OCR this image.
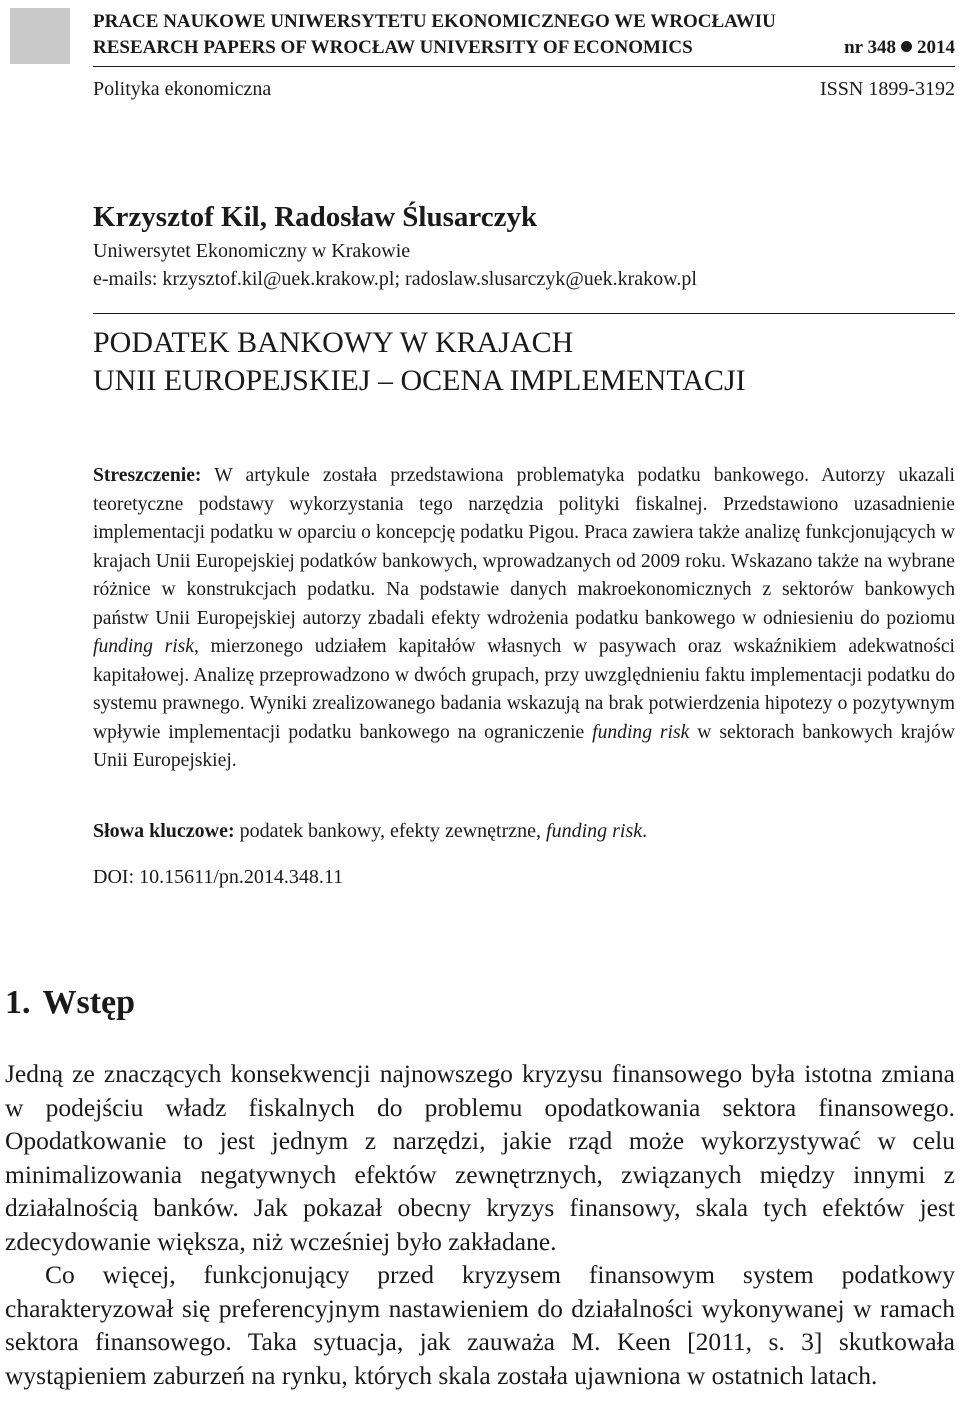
PRACE NAUKOWE UNIWERSYTETU EKONOMICZNEGO WE WROCŁAWIU
RESEARCH PAPERS OF WROCŁAW UNIVERSITY OF ECONOMICS	nr 348 2014
Polityka ekonomiczna	ISSN 1899-3192
Krzysztof Kil, Radosław Ślusarczyk
Uniwersytet Ekonomiczny w Krakowie
e-mails: krzysztof.kil@uek.krakow.pl; radoslaw.slusarczyk@uek.krakow.pl
PODATEK BANKOWY W KRAJACH
UNII EUROPEJSKIEJ – OCENA IMPLEMENTACJI

Streszczenie: W artykule została przedstawiona problematyka podatku bankowego. Autorzy ukazali teoretyczne podstawy wykorzystania tego narzędzia polityki fiskalnej. Przedstawiono uzasadnienie implementacji podatku w oparciu o koncepcję podatku Pigou. Praca zawiera także analizę funkcjonujących w krajach Unii Europejskiej podatków bankowych, wprowadzanych od 2009 roku. Wskazano także na wybrane różnice w konstrukcjach podatku. Na podstawie danych makroekonomicznych z sektorów bankowych państw Unii Europejskiej autorzy zbadali efekty wdrożenia podatku bankowego w odniesieniu do poziomu funding risk, mierzonego udziałem kapitałów własnych w pasywach oraz wskaźnikiem adekwatności kapitałowej. Analizę przeprowadzono w dwóch grupach, przy uwzględnieniu faktu implementacji podatku do systemu prawnego. Wyniki zrealizowanego badania wskazują na brak potwierdzenia hipotezy o pozytywnym wpływie implementacji podatku bankowego na ograniczenie funding risk w sektorach bankowych krajów Unii Europejskiej.

Słowa kluczowe: podatek bankowy, efekty zewnętrzne, funding risk.
DOI: 10.15611/pn.2014.348.11
1. Wstęp

Jedną ze znaczących konsekwencji najnowszego kryzysu finansowego była istotna zmiana w podejściu władz fiskalnych do problemu opodatkowania sektora finansowego. Opodatkowanie to jest jednym z narzędzi, jakie rząd może wykorzystywać w celu minimalizowania negatywnych efektów zewnętrznych, związanych między innymi z działalnością banków. Jak pokazał obecny kryzys finansowy, skala tych efektów jest zdecydowanie większa, niż wcześniej było zakładane.

Co więcej, funkcjonujący przed kryzysem finansowym system podatkowy charakteryzował się preferencyjnym nastawieniem do działalności wykonywanej w ramach sektora finansowego. Taka sytuacja, jak zauważa M. Keen [2011, s. 3] skutkowała wystąpieniem zaburzeń na rynku, których skala została ujawniona w ostatnich latach.
